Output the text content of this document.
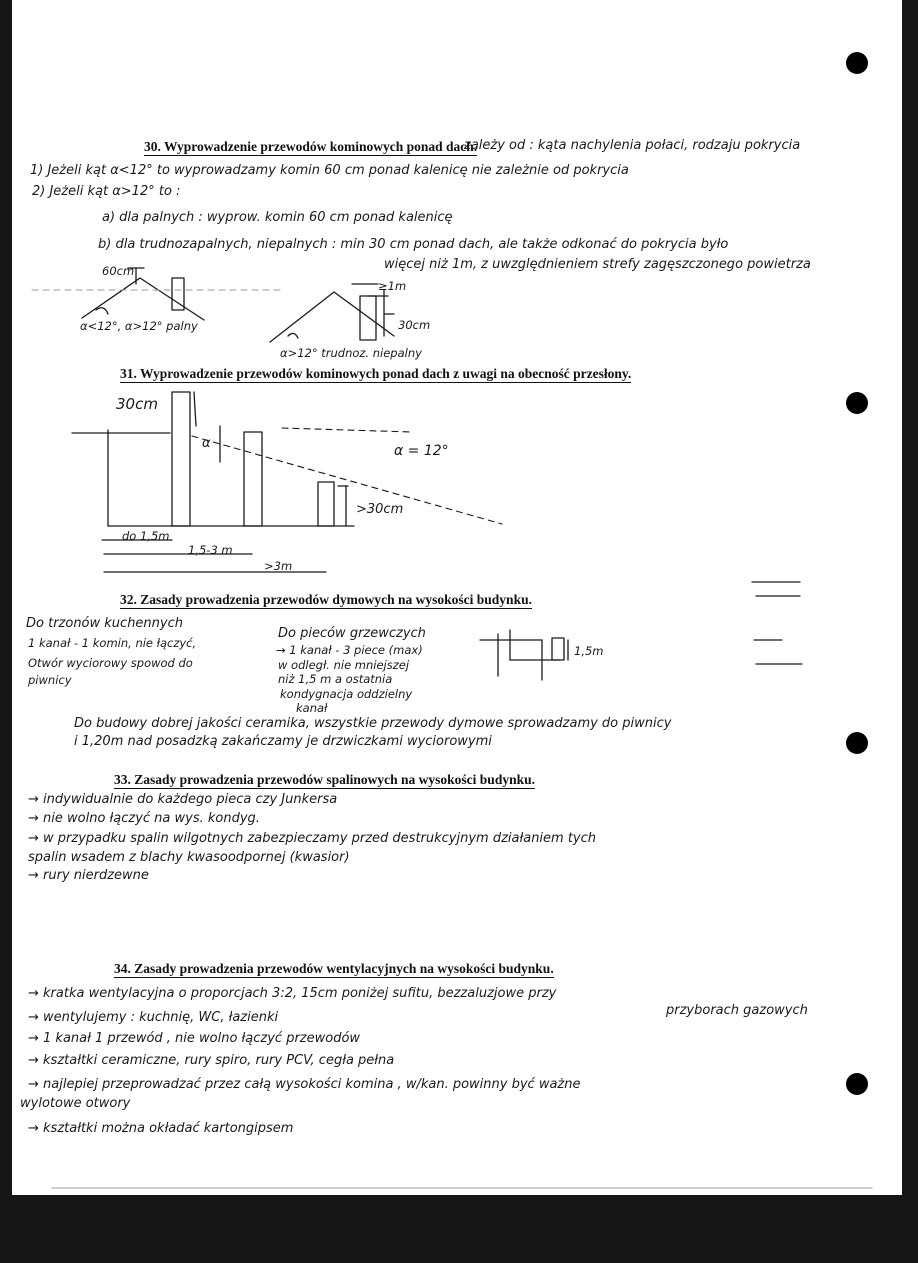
30. Wyprowadzenie przewodów kominowych ponad dach.
zależy od : kąta nachylenia połaci, rodzaju pokrycia
1) Jeżeli kąt α<12° to wyprowadzamy komin 60 cm ponad kalenicę nie zależnie od pokrycia
2) Jeżeli kąt α>12° to :
a) dla palnych : wyprow. komin 60 cm ponad kalenicę
b) dla trudnozapalnych, niepalnych : min 30 cm ponad dach, ale także odkonać do pokrycia było
więcej niż 1m, z uwzględnieniem strefy zagęszczonego powietrza
60cm
α<12°, α>12° palny
≥1m
30cm
α>12° trudnoz. niepalny
31. Wyprowadzenie przewodów kominowych ponad dach z uwagi na obecność przesłony.
30cm
α	α = 12°
>30cm
do 1,5m
1,5-3 m
>3m
32. Zasady prowadzenia przewodów dymowych na wysokości budynku.
Do trzonów kuchennych
1 kanał - 1 komin, nie łączyć,
Otwór wyciorowy spowod do
piwnicy
Do pieców grzewczych
→ 1 kanał - 3 piece (max)
w odległ. nie mniejszej
niż 1,5 m a ostatnia
kondygnacja oddzielny
kanał
1,5m
Do budowy dobrej jakości ceramika, wszystkie przewody dymowe sprowadzamy do piwnicy
i 1,20m nad posadzką zakańczamy je drzwiczkami wyciorowymi
33. Zasady prowadzenia przewodów spalinowych na wysokości budynku.
→ indywidualnie do każdego pieca czy Junkersa
→ nie wolno łączyć na wys. kondyg.
→ w przypadku spalin wilgotnych zabezpieczamy przed destrukcyjnym działaniem tych
spalin wsadem z blachy kwasoodpornej (kwasior)
→ rury nierdzewne
34. Zasady prowadzenia przewodów wentylacyjnych na wysokości budynku.
→ kratka wentylacyjna o proporcjach 3:2, 15cm poniżej sufitu, bezzaluzjowe przy
przyborach gazowych
→ wentylujemy : kuchnię, WC, łazienki
→ 1 kanał 1 przewód , nie wolno łączyć przewodów
→ kształtki ceramiczne, rury spiro, rury PCV, cegła pełna
→ najlepiej przeprowadzać przez całą wysokości komina , w/kan. powinny być ważne
wylotowe otwory
→ kształtki można okładać kartongipsem
